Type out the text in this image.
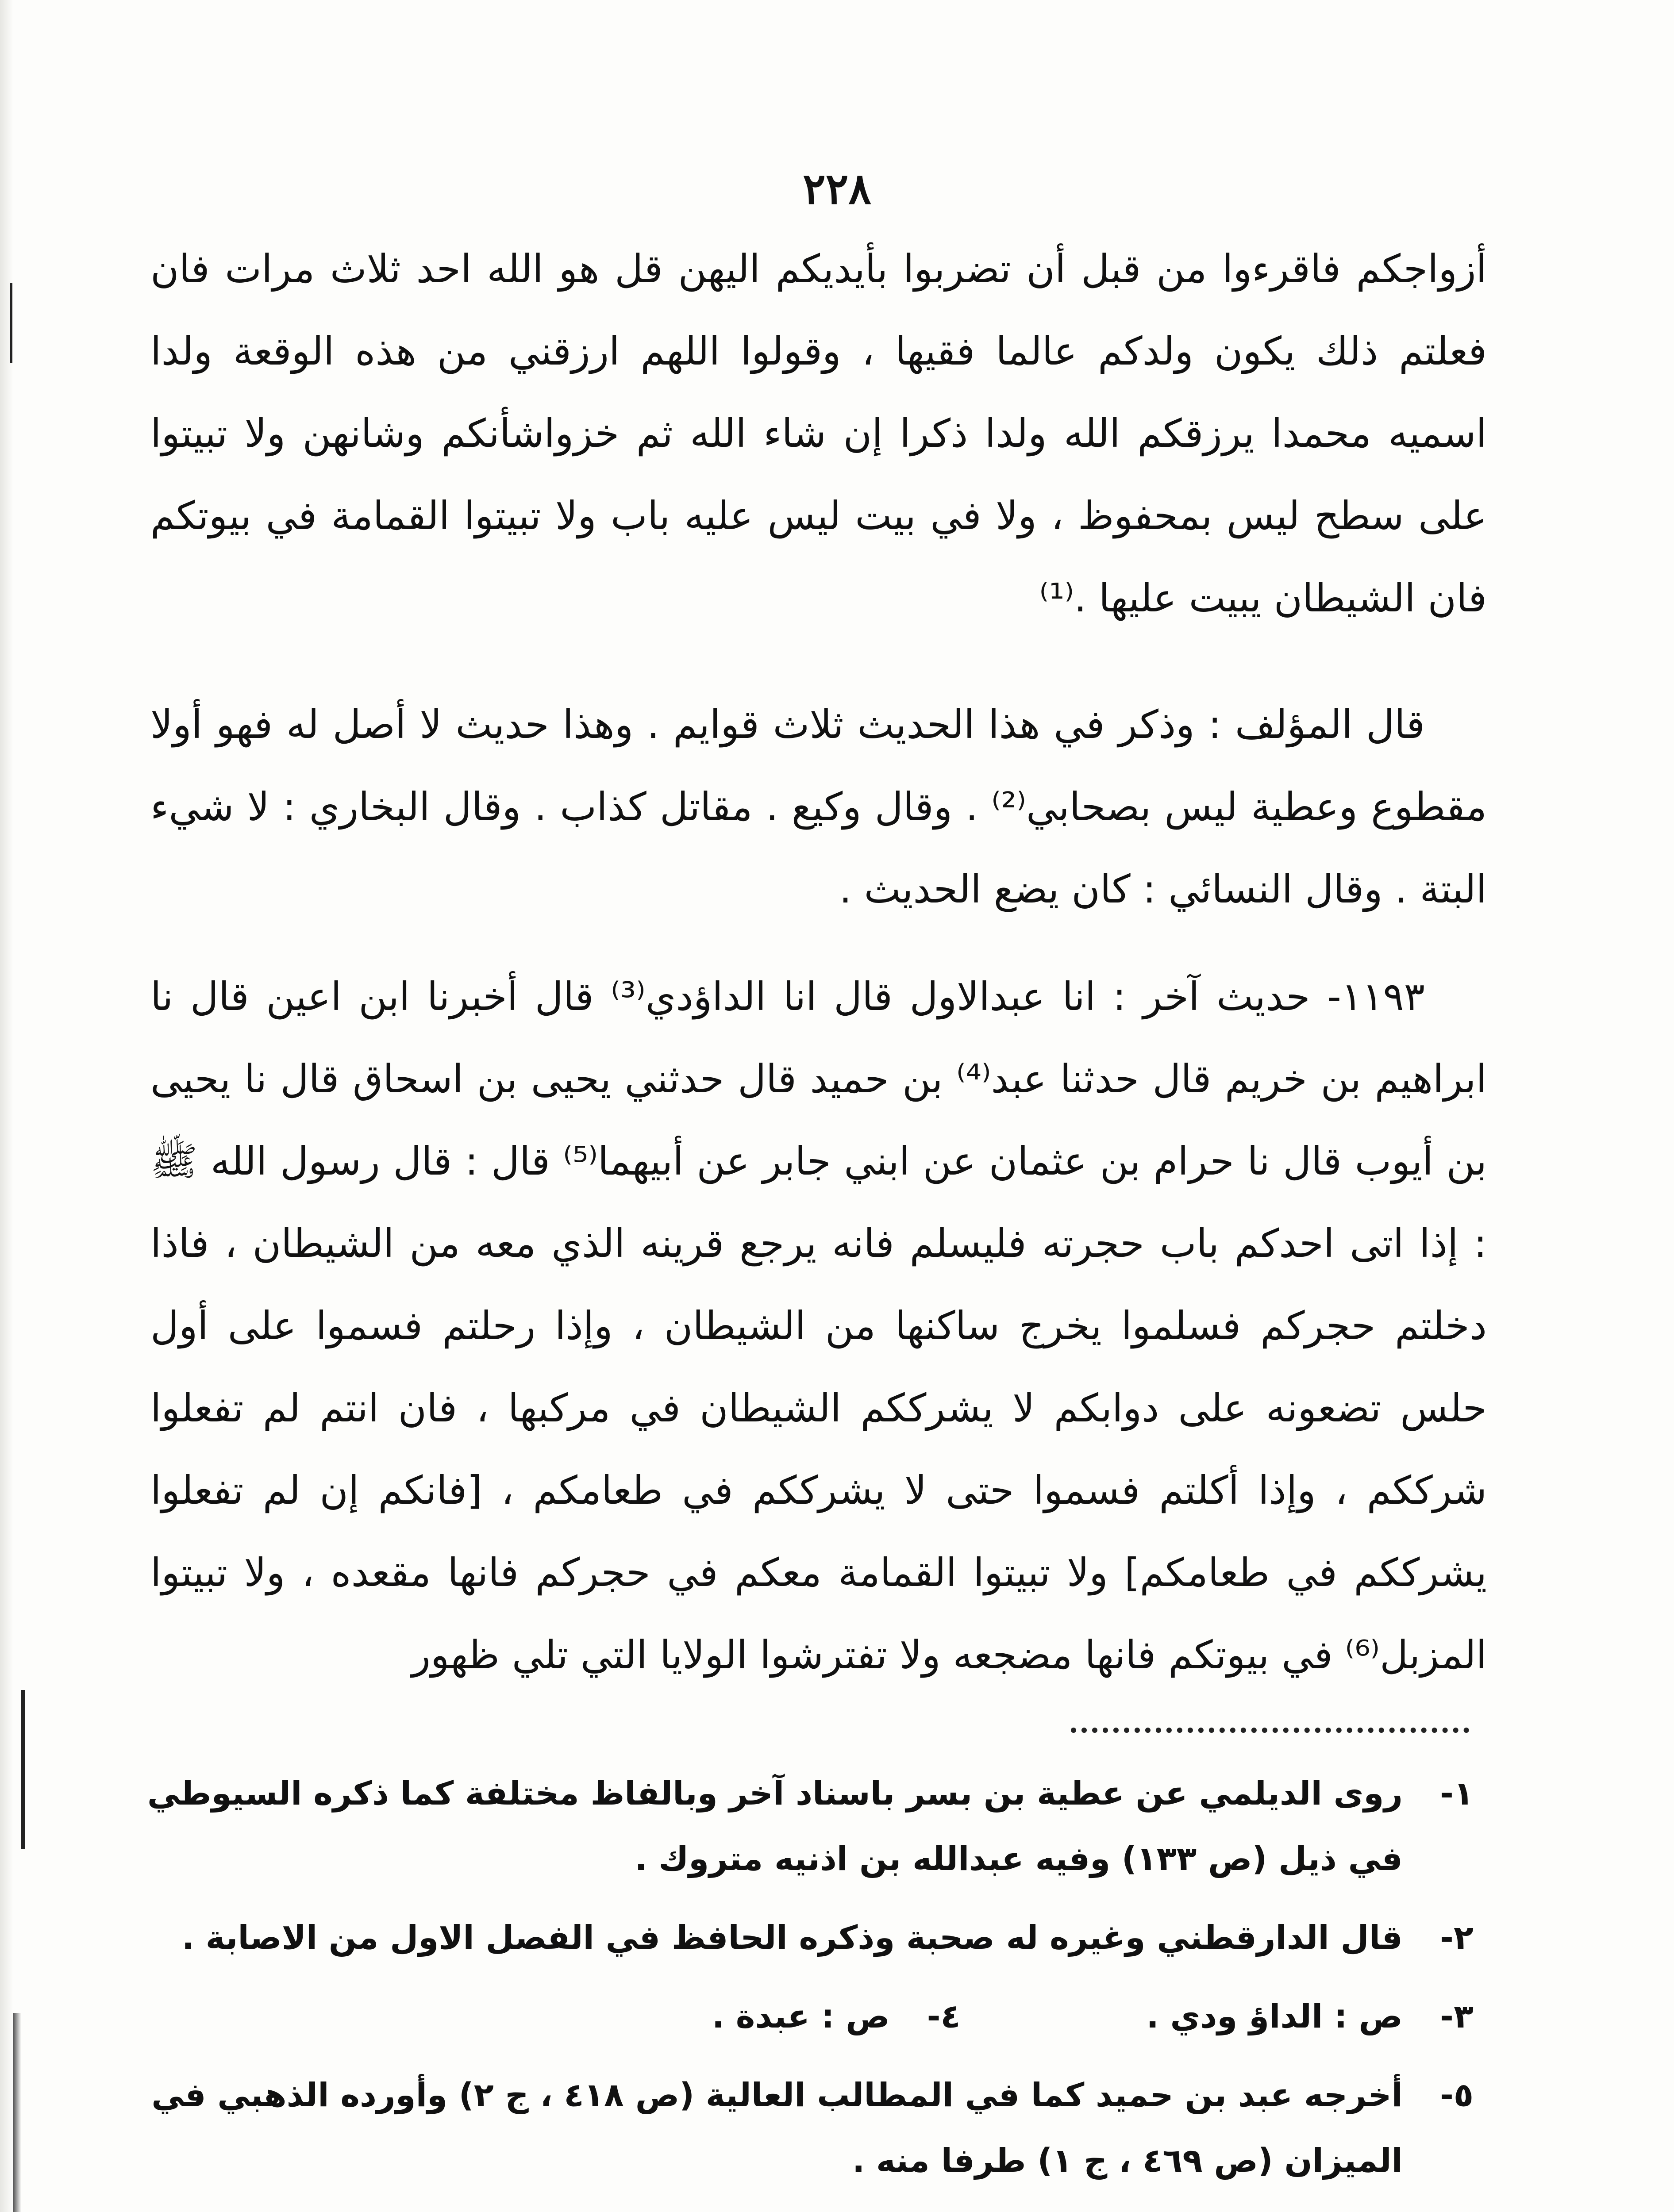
٢٢٨
أزواجكم فاقرءوا من قبل أن تضربوا بأيديكم اليهن قل هو الله احد ثلاث مرات فان فعلتم ذلك يكون ولدكم عالما فقيها ، وقولوا اللهم ارزقني من هذه الوقعة ولدا اسميه محمدا يرزقكم الله ولدا ذكرا إن شاء الله ثم خزواشأنكم وشانهن ولا تبيتوا على سطح ليس بمحفوظ ، ولا في بيت ليس عليه باب ولا تبيتوا القمامة في بيوتكم فان الشيطان يبيت عليها .⁽¹⁾
قال المؤلف : وذكر في هذا الحديث ثلاث قوايم . وهذا حديث لا أصل له فهو أولا مقطوع وعطية ليس بصحابي⁽²⁾ . وقال وكيع . مقاتل كذاب . وقال البخاري : لا شيء البتة . وقال النسائي : كان يضع الحديث .
١١٩٣- حديث آخر : انا عبدالاول قال انا الداؤدي⁽³⁾ قال أخبرنا ابن اعين قال نا ابراهيم بن خريم قال حدثنا عبد⁽⁴⁾ بن حميد قال حدثني يحيى بن اسحاق قال نا يحيى بن أيوب قال نا حرام بن عثمان عن ابني جابر عن أبيهما⁽⁵⁾ قال : قال رسول الله ﷺ : إذا اتى احدكم باب حجرته فليسلم فانه يرجع قرينه الذي معه من الشيطان ، فاذا دخلتم حجركم فسلموا يخرج ساكنها من الشيطان ، وإذا رحلتم فسموا على أول حلس تضعونه على دوابكم لا يشرككم الشيطان في مركبها ، فان انتم لم تفعلوا شرككم ، وإذا أكلتم فسموا حتى لا يشرككم في طعامكم ، [فانكم إن لم تفعلوا يشرككم في طعامكم] ولا تبيتوا القمامة معكم في حجركم فانها مقعده ، ولا تبيتوا المزبل⁽⁶⁾ في بيوتكم فانها مضجعه ولا تفترشوا الولايا التي تلي ظهور
١-
روى الديلمي عن عطية بن بسر باسناد آخر وبالفاظ مختلفة كما ذكره السيوطي في ذيل (ص ١٣٣) وفيه عبدالله بن اذنيه متروك .
٢-
قال الدارقطني وغيره له صحبة وذكره الحافظ في الفصل الاول من الاصابة .
٣-
ص : الداؤ ودي .
٤-
ص : عبدة .
٥-
أخرجه عبد بن حميد كما في المطالب العالية (ص ٤١٨ ، ج ٢) وأورده الذهبي في الميزان (ص ٤٦٩ ، ج ١) طرفا منه .
